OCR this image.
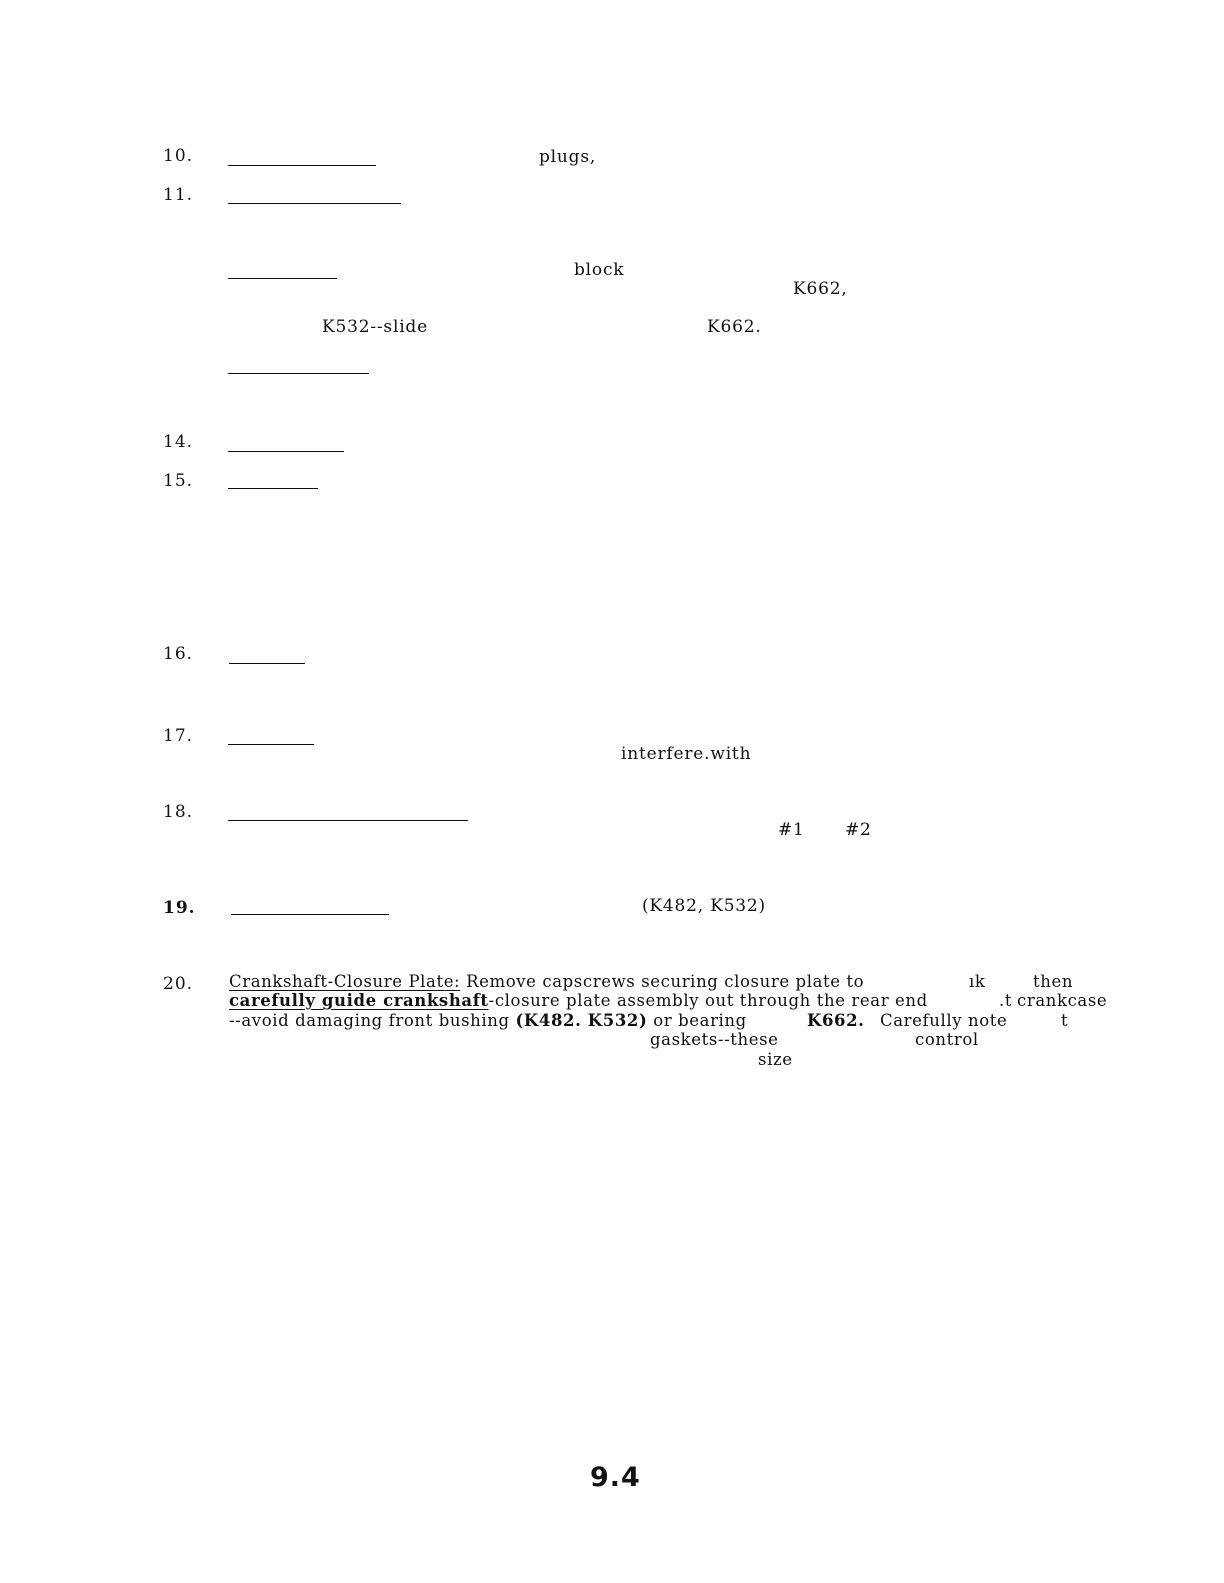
10.	plugs,
11.
block
K662,
K532--slide	K662.
14.
15.
16.
17.
interfere.with
18.
#1 #2
19.	(K482, K532)
20. Crankshaft-Closure Plate: Remove capscrews securing closure plate to	ık	then
carefully guide crankshaft-closure plate assembly out through the rear end	.t crankcase
--avoid damaging front bushing (K482. K532) or bearing	K662. Carefully note	t
gaskets--these	control
size
9.4
